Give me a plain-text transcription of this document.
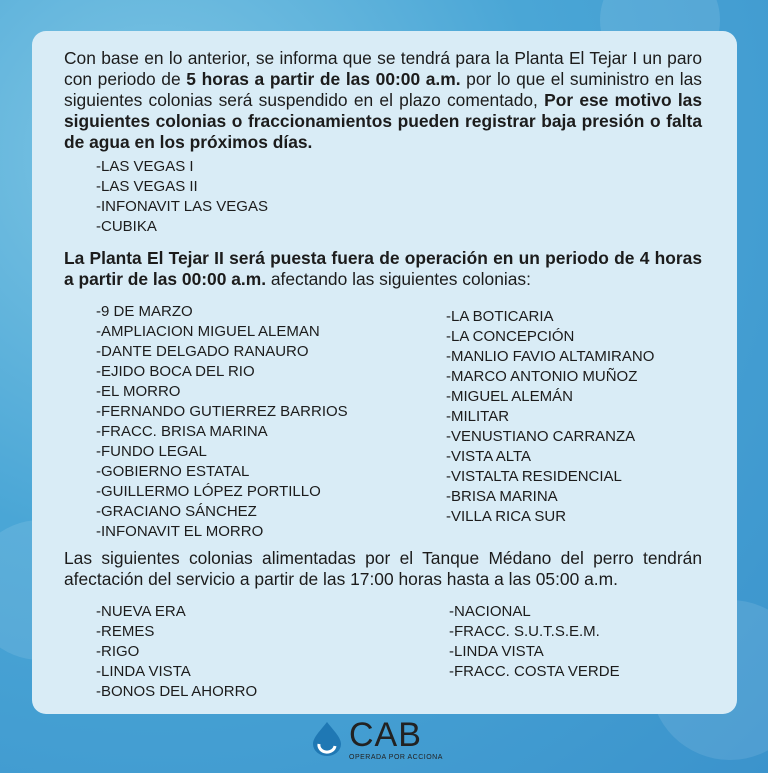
Con base en lo anterior, se informa que se tendrá para la Planta El Tejar I un paro con periodo de 5 horas a partir de las 00:00 a.m. por lo que el suministro en las siguientes colonias será suspendido en el plazo comentado, Por ese motivo las siguientes colonias o fraccionamientos pueden registrar baja presión o falta de agua en los próximos días.
-LAS VEGAS I
-LAS VEGAS II
-INFONAVIT LAS VEGAS
-CUBIKA
La Planta El Tejar II será puesta fuera de operación en un periodo de 4 horas a partir de las 00:00 a.m. afectando las siguientes colonias:
-9 DE MARZO
-AMPLIACION MIGUEL ALEMAN
-DANTE DELGADO RANAURO
-EJIDO BOCA DEL RIO
-EL MORRO
-FERNANDO GUTIERREZ BARRIOS
-FRACC. BRISA MARINA
-FUNDO LEGAL
-GOBIERNO ESTATAL
-GUILLERMO LÓPEZ PORTILLO
-GRACIANO SÁNCHEZ
-INFONAVIT EL MORRO
-LA BOTICARIA
-LA CONCEPCIÓN
-MANLIO FAVIO ALTAMIRANO
-MARCO ANTONIO MUÑOZ
-MIGUEL ALEMÁN
-MILITAR
-VENUSTIANO CARRANZA
-VISTA ALTA
-VISTALTA RESIDENCIAL
-BRISA MARINA
-VILLA RICA SUR
Las siguientes colonias alimentadas por el Tanque Médano del perro tendrán afectación del servicio a partir de las 17:00 horas hasta a las 05:00 a.m.
-NUEVA ERA
-REMES
-RIGO
-LINDA VISTA
-BONOS DEL AHORRO
-NACIONAL
-FRACC. S.U.T.S.E.M.
-LINDA VISTA
-FRACC. COSTA VERDE
CAB
OPERADA POR ACCIONA
